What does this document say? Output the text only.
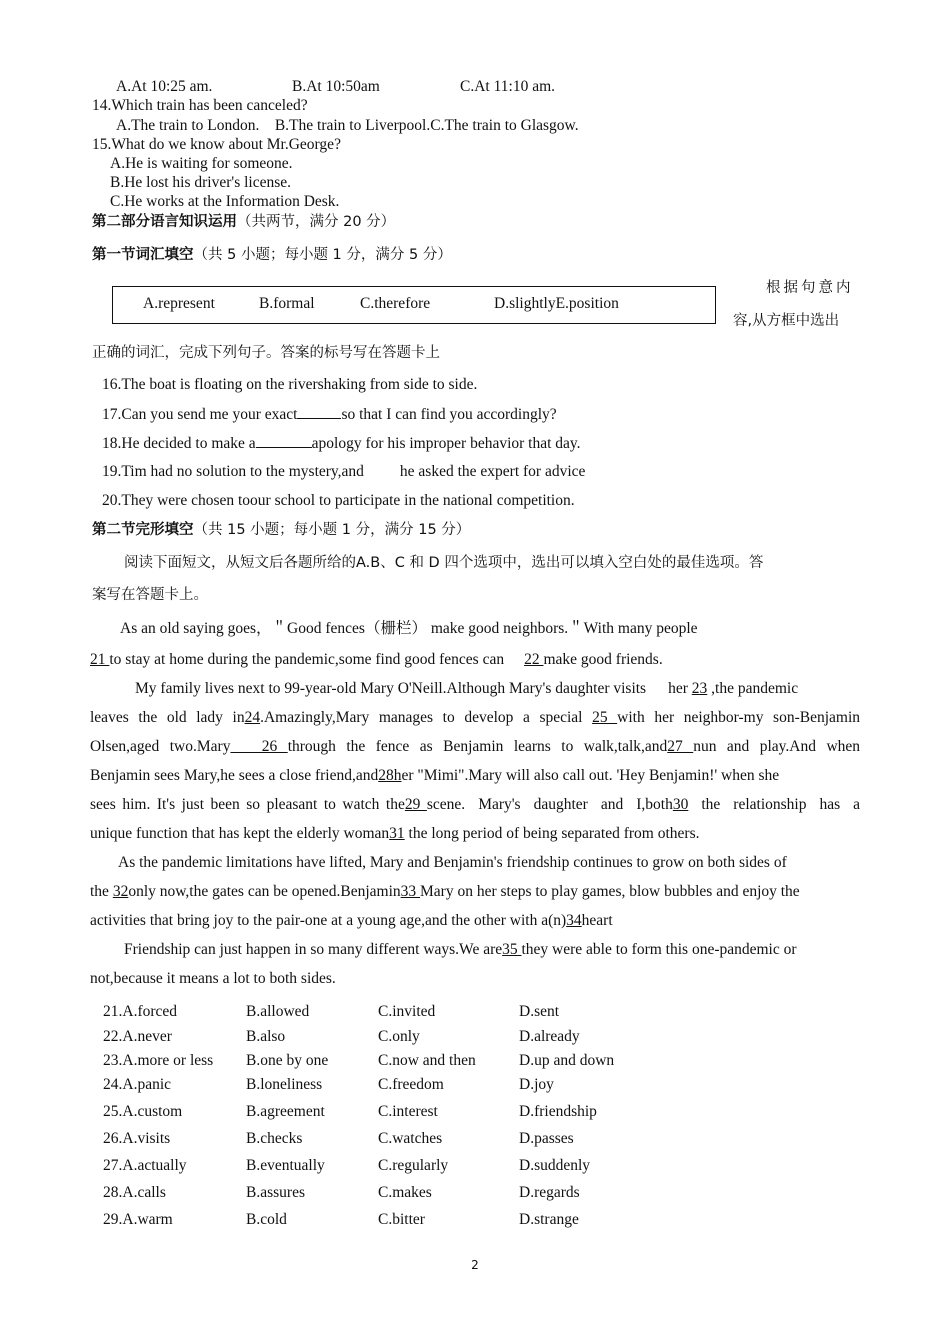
A.At 10:25 am.	B.At 10:50am	C.At 11:10 am.
14.Which train has been canceled?
A.The train to London.    B.The train to Liverpool.C.The train to Glasgow.
15.What do we know about Mr.George?
A.He is waiting for someone.
B.He lost his driver's license.
C.He works at the Information Desk.
第二部分语言知识运用（共两节，满分 20 分）
第一节词汇填空（共 5 小题；每小题 1 分，满分 5 分）
A.represent	B.formal	C.therefore	D.slightlyE.position
根据句意内
容,从方框中选出
正确的词汇，完成下列句子。答案的标号写在答题卡上
16.The boat is floating on the rivershaking from side to side.
17.Can you send me your exact	so that I can find you accordingly?
18.He decided to make a	apology for his improper behavior that day.
19.Tim had no solution to the mystery,and he asked the expert for advice
20.They were chosen toour school to participate in the national competition.
第二节完形填空（共 15 小题；每小题 1 分，满分 15 分）
阅读下面短文，从短文后各题所给的A.B、C 和 D 四个选项中，选出可以填入空白处的最佳选项。答
案写在答题卡上。
As an old saying goes，＂Good fences（栅栏） make good neighbors.＂With many people
21 to stay at home during the pandemic,some find good fences can 22 make good friends.
My family lives next to 99-year-old Mary O'Neill.Although Mary's daughter visits her 23 ,the pandemic
leaves the old lady in24.Amazingly,Mary manages to develop a special 25 with her neighbor-my son-Benjamin
Olsen,aged two.Mary   26 through the fence as Benjamin learns to walk,talk,and27 nun and play.And when
Benjamin sees Mary,he sees a close friend,and28her "Mimi".Mary will also call out. 'Hey Benjamin!' when she
sees him. It's just been so pleasant to watch the29 scene.  Mary's  daughter  and  I,both30  the  relationship  has  a
unique function that has kept the elderly woman31 the long period of being separated from others.
As the pandemic limitations have lifted, Mary and Benjamin's friendship continues to grow on both sides of
the 32only now,the gates can be opened.Benjamin33 Mary on her steps to play games, blow bubbles and enjoy the
activities that bring joy to the pair-one at a young age,and the other with a(n)34heart
Friendship can just happen in so many different ways.We are35 they were able to form this one-pandemic or
not,because it means a lot to both sides.
21.A.forced	B.allowed	C.invited	D.sent
22.A.never	B.also	C.only	D.already
23.A.more or less B.one by one	C.now and then	D.up and down
24.A.panic	B.loneliness	C.freedom	D.joy
25.A.custom	B.agreement	C.interest	D.friendship
26.A.visits	B.checks	C.watches	D.passes
27.A.actually	B.eventually	C.regularly	D.suddenly
28.A.calls	B.assures	C.makes	D.regards
29.A.warm	B.cold	C.bitter	D.strange
2
